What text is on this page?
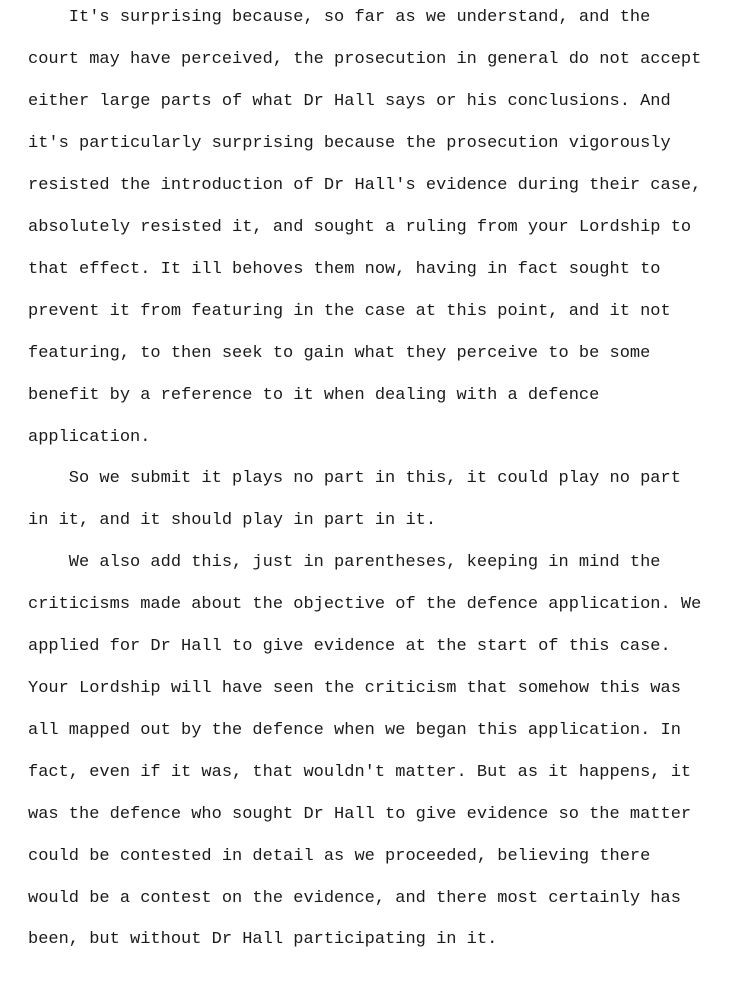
It's surprising because, so far as we understand, and the
court may have perceived, the prosecution in general do not accept
either large parts of what Dr Hall says or his conclusions. And
it's particularly surprising because the prosecution vigorously
resisted the introduction of Dr Hall's evidence during their case,
absolutely resisted it, and sought a ruling from your Lordship to
that effect. It ill behoves them now, having in fact sought to
prevent it from featuring in the case at this point, and it not
featuring, to then seek to gain what they perceive to be some
benefit by a reference to it when dealing with a defence
application.
So we submit it plays no part in this, it could play no part
in it, and it should play in part in it.
We also add this, just in parentheses, keeping in mind the
criticisms made about the objective of the defence application. We
applied for Dr Hall to give evidence at the start of this case.
Your Lordship will have seen the criticism that somehow this was
all mapped out by the defence when we began this application. In
fact, even if it was, that wouldn't matter. But as it happens, it
was the defence who sought Dr Hall to give evidence so the matter
could be contested in detail as we proceeded, believing there
would be a contest on the evidence, and there most certainly has
been, but without Dr Hall participating in it.
